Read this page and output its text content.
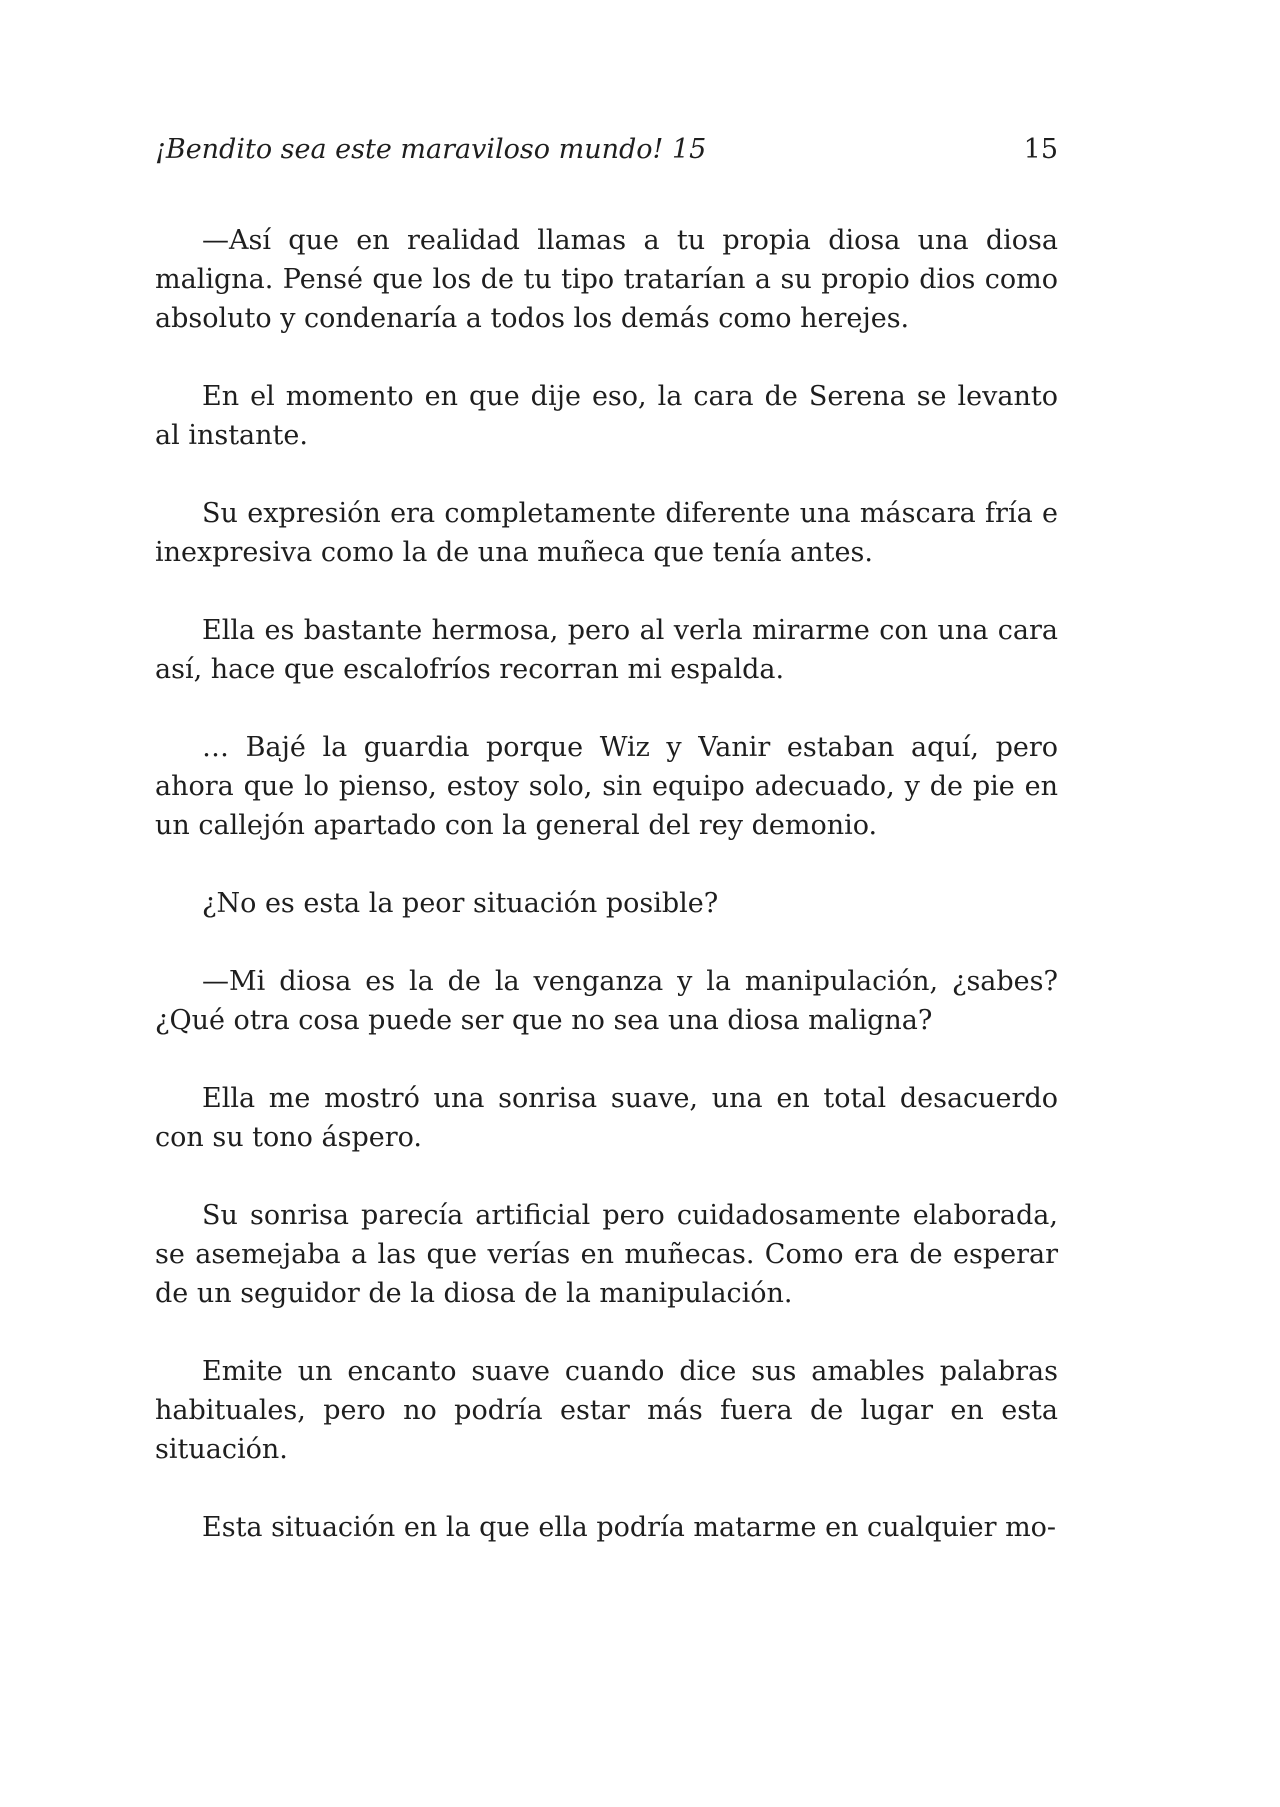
¡Bendito sea este maraviloso mundo! 15	15

—Así que en realidad llamas a tu propia diosa una diosa maligna. Pensé que los de tu tipo tratarían a su propio dios como absoluto y condenaría a todos los demás como herejes.

En el momento en que dije eso, la cara de Serena se levanto al instante.

Su expresión era completamente diferente una máscara fría e inexpresiva como la de una muñeca que tenía antes.

Ella es bastante hermosa, pero al verla mirarme con una cara así, hace que escalofríos recorran mi espalda.

… Bajé la guardia porque Wiz y Vanir estaban aquí, pero ahora que lo pienso, estoy solo, sin equipo adecuado, y de pie en un callejón apartado con la general del rey demonio.

¿No es esta la peor situación posible?

—Mi diosa es la de la venganza y la manipulación, ¿sabes? ¿Qué otra cosa puede ser que no sea una diosa maligna?

Ella me mostró una sonrisa suave, una en total desacuerdo con su tono áspero.

Su sonrisa parecía artificial pero cuidadosamente elaborada, se asemejaba a las que verías en muñecas. Como era de esperar de un seguidor de la diosa de la manipulación.

Emite un encanto suave cuando dice sus amables palabras habituales, pero no podría estar más fuera de lugar en esta situación.

Esta situación en la que ella podría matarme en cualquier mo-
